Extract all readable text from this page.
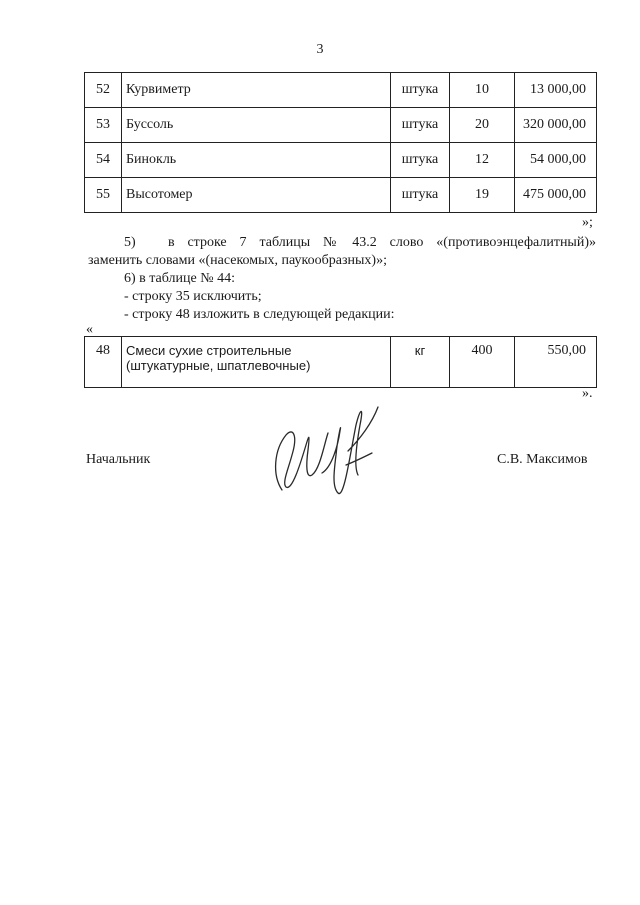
3
52	Курвиметр	штука	10	13 000,00
53	Буссоль	штука	20	320 000,00
54	Бинокль	штука	12	54 000,00
55	Высотомер	штука	19	475 000,00
»;
5)     в  строке  7  таблицы  №  43.2  слово  «(противоэнцефалитный)»
заменить словами «(насекомых, паукообразных)»;
6) в таблице № 44:
- строку 35 исключить;
- строку 48 изложить в следующей редакции:
«
48	Смеси сухие строительные
(штукатурные, шпатлевочные)
	кг	400	550,00
».
Начальник	С.В. Максимов
